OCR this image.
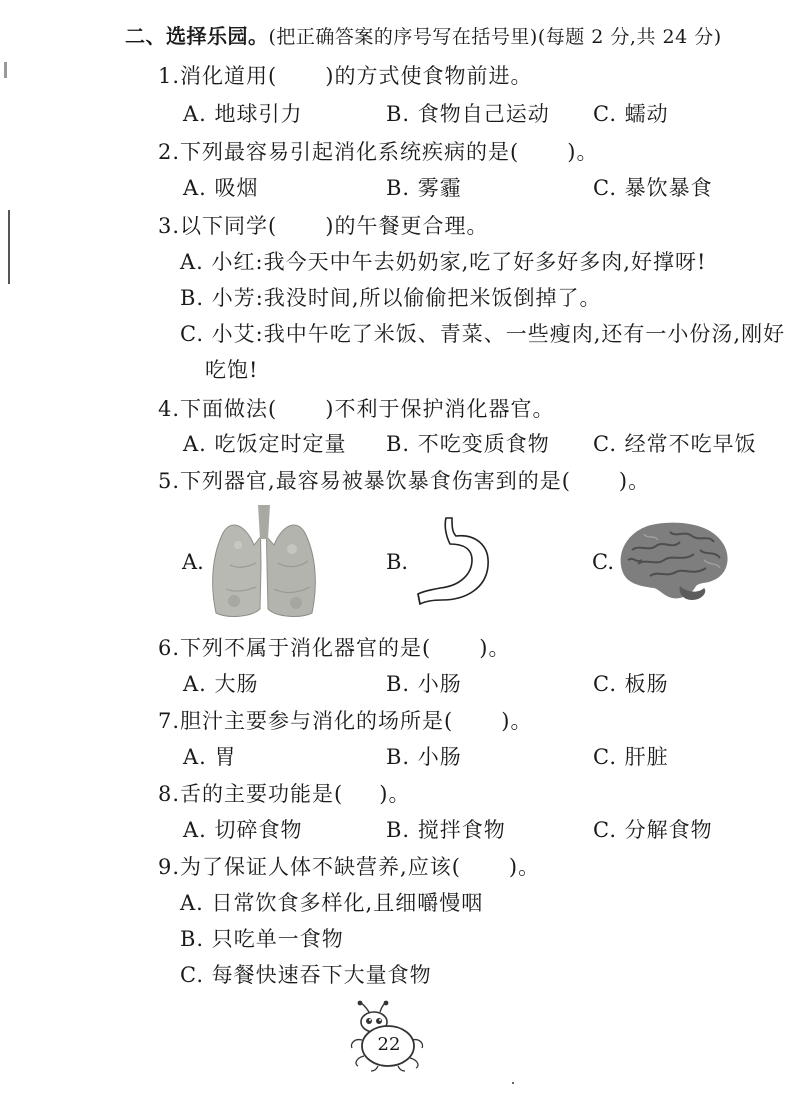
二、选择乐园。(把正确答案的序号写在括号里)(每题 2 分,共 24 分)
1.消化道用( )的方式使食物前进。
A. 地球引力	B. 食物自己运动 C. 蠕动
2.下列最容易引起消化系统疾病的是( )。
A. 吸烟	B. 雾霾	C. 暴饮暴食
3.以下同学( )的午餐更合理。
A. 小红:我今天中午去奶奶家,吃了好多好多肉,好撑呀!
B. 小芳:我没时间,所以偷偷把米饭倒掉了。
C. 小艾:我中午吃了米饭、青菜、一些瘦肉,还有一小份汤,刚好
吃饱!
4.下面做法( )不利于保护消化器官。
A. 吃饭定时定量 B. 不吃变质食物 C. 经常不吃早饭
5.下列器官,最容易被暴饮暴食伤害到的是( )。
A.	B.	C.
6.下列不属于消化器官的是( )。
A. 大肠	B. 小肠	C. 板肠
7.胆汁主要参与消化的场所是( )。
A. 胃	B. 小肠	C. 肝脏
8.舌的主要功能是( )。
A. 切碎食物	B. 搅拌食物	C. 分解食物
9.为了保证人体不缺营养,应该( )。
A. 日常饮食多样化,且细嚼慢咽
B. 只吃单一食物
C. 每餐快速吞下大量食物
22
